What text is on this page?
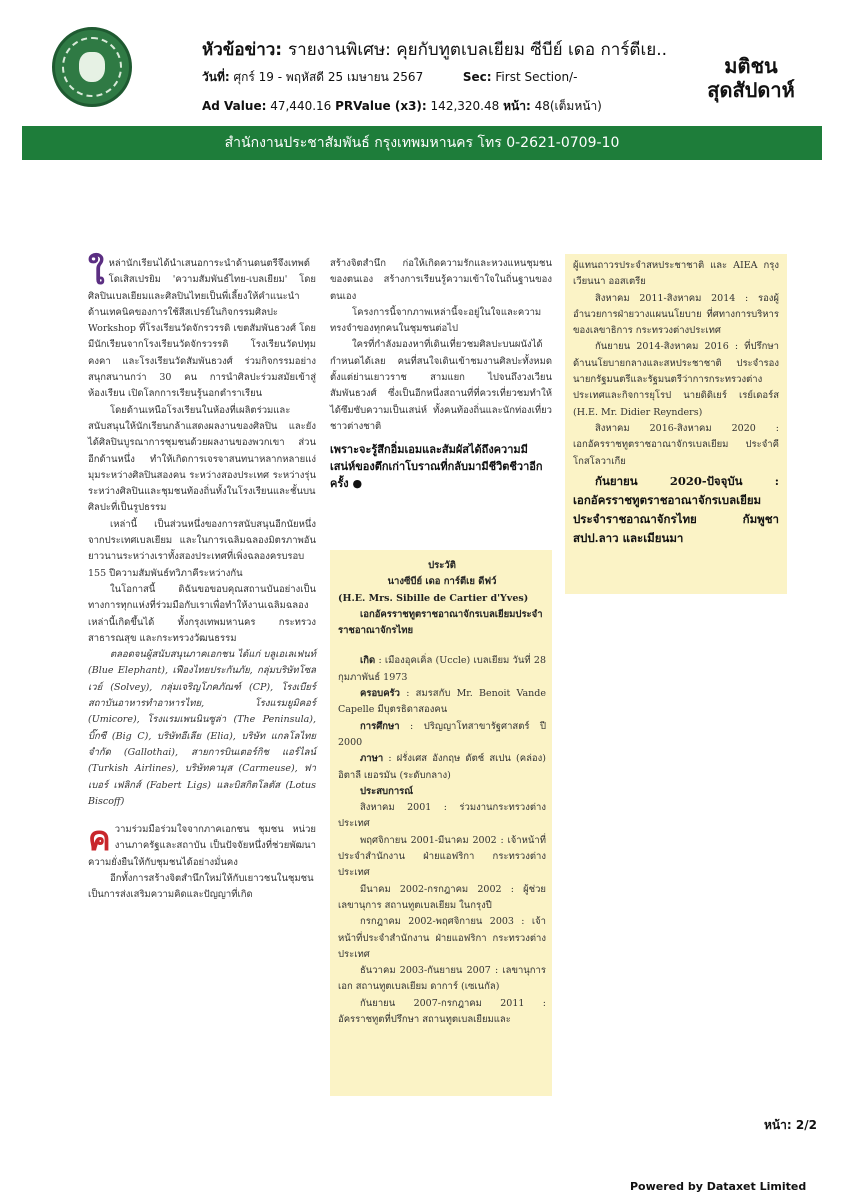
หัวข้อข่าว: รายงานพิเศษ: คุยกับทูตเบลเยียม ซีบีย์ เดอ การ์ตีเย..
วันที่: ศุกร์ 19 - พฤหัสดี 25 เมษายน 2567	Sec: First Section/-
Ad Value: 47,440.16 PRValue (x3): 142,320.48 หน้า: 48(เต็มหน้า)
มติชน
สุดสัปดาห์
สำนักงานประชาสัมพันธ์ กรุงเทพมหานคร โทร 0-2621-0709-10

ใหล่านักเรียนได้นำเสนอการะนำด้านดนตรีจึงเทพต์โดเสิสเปรยิม 'ความสัมพันธ์ไทย-เบลเยียม' โดยศิลปินเบลเยียมและศิลปินไทยเป็นพี่เลี้ยงให้คำแนะนำด้านเทคนิคของการใช้สีสเปรย์ในกิจกรรมศิลปะ Workshop ที่โรงเรียนวัดจักรวรรดิ เขตสัมพันธวงศ์ โดยมีนักเรียนจากโรงเรียนวัดจักรวรรดิ โรงเรียนวัดปทุมคงคา และโรงเรียนวัดสัมพันธวงศ์ ร่วมกิจกรรมอย่างสนุกสนานกว่า 30 คน การนำศิลปะร่วมสมัยเข้าสู่ห้องเรียน เปิดโลกการเรียนรู้นอกตำราเรียน

โดยด้านเหนือโรงเรียนในห้องที่เผลิตร่วมและสนับสนุนให้นักเรียนกล้าแสดงผลงานของศิลปิน และยังได้ศิลปินบูรณาการชุมชนด้วยผลงานของพวกเขา ส่วนอีกด้านหนึ่ง ทำให้เกิดการเจรจาสนทนาหลากหลายแง่มุมระหว่างศิลปินสองคน ระหว่างสองประเทศ ระหว่างรุ่น ระหว่างศิลปินและชุมชนท้องถิ่นทั้งในโรงเรียนและชั้นบนศิลปะที่เป็นรูปธรรม

เหล่านี้ เป็นส่วนหนึ่งของการสนับสนุนอีกนัยหนึ่ง จากประเทศเบลเยียม และในการเฉลิมฉลองมิตรภาพอันยาวนานระหว่างเราทั้งสองประเทศที่เพิ่งฉลองครบรอบ 155 ปีความสัมพันธ์ทวิภาคีระหว่างกัน

ในโอกาสนี้ ดิฉันขอขอบคุณสถานบันอย่างเป็นทางการทุกแห่งที่ร่วมมือกับเราเพื่อทำให้งานเฉลิมฉลองเหล่านี้เกิดขึ้นได้ ทั้งกรุงเทพมหานคร กระทรวงสาธารณสุข และกระทรวงวัฒนธรรม

ตลอดจนผู้สนับสนุนภาคเอกชน ได้แก่ บลูเอเลเฟนท์ (Blue Elephant), เฟืองไทยประกันภัย, กลุ่มบริษัทโซลเวย์ (Solvey), กลุ่มเจริญโภคภัณฑ์ (CP), โรงเบียร์ สถาบันอาหารทำอาหารไทย, โรงแรมยูมิคอร์ (Umicore), โรงแรมเพนนินซูล่า (The Peninsula), บิ๊กซี (Big C), บริษัทอีเลีย (Elia), บริษัท แกลโลไทย จำกัด (Gallothai), สายการบินเตอร์กิช แอร์ไลน์ (Turkish Airlines), บริษัทคามุส (Carmeuse), ฟาเบอร์ เฟลิกส์ (Fabert Ligs) และบิสกิตโลตัส (Lotus Biscoff)

ความร่วมมือร่วมใจจากภาคเอกชน ชุมชน หน่วยงานภาครัฐและสถาบัน เป็นปัจจัยหนึ่งที่ช่วยพัฒนาความยั่งยืนให้กับชุมชนได้อย่างมั่นคง

อีกทั้งการสร้างจิตสำนึกใหม่ให้กับเยาวชนในชุมชนเป็นการส่งเสริมความคิดและปัญญาที่เกิด

สร้างจิตสำนึก ก่อให้เกิดความรักและหวงแหนชุมชนของตนเอง สร้างการเรียนรู้ความเข้าใจในถิ่นฐานของตนเอง

โครงการนี้จากภาพเหล่านี้จะอยู่ในใจและความทรงจำของทุกคนในชุมชนต่อไป

ใครที่กำลังมองหาที่เดินเที่ยวชมศิลปะบนผนังได้กำหนดได้เลย คนที่สนใจเดินเข้าชมงานศิลปะทั้งหมด ตั้งแต่ย่านเยาวราช สามแยก ไปจนถึงวงเวียนสัมพันธวงศ์ ซึ่งเป็นอีกหนึ่งสถานที่ที่ควรเที่ยวชมทำให้ได้ซึมซับความเป็นเสน่ห์ ทั้งคนท้องถิ่นและนักท่องเที่ยวชาวต่างชาติ

เพราะจะรู้สึกอิ่มเอมและสัมผัสได้ถึงความมีเสน่ห์ของตึกเก่าโบราณที่กลับมามีชีวิตชีวาอีกครั้ง ●

ประวัติ

นางซีบีย์ เดอ การ์ตีเย ดีฟว์

(H.E. Mrs. Sibille de Cartier d'Yves)

เอกอัครราชทูตราชอาณาจักรเบลเยียมประจำราชอาณาจักรไทย

เกิด : เมืองอุคเคิ่ล (Uccle) เบลเยียม วันที่ 28 กุมภาพันธ์ 1973

ครอบครัว : สมรสกับ Mr. Benoit Vande Capelle มีบุตรธิดาสองคน

การศึกษา : ปริญญาโทสาขารัฐศาสตร์ ปี 2000

ภาษา : ฝรั่งเศส อังกฤษ ดัตช์ สเปน (คล่อง) อิตาลี เยอรมัน (ระดับกลาง)

ประสบการณ์

สิงหาคม 2001 : ร่วมงานกระทรวงต่างประเทศ

พฤศจิกายน 2001-มีนาคม 2002 : เจ้าหน้าที่ประจำสำนักงาน ฝ่ายแอฟริกา กระทรวงต่างประเทศ

มีนาคม 2002-กรกฎาคม 2002 : ผู้ช่วยเลขานุการ สถานทูตเบลเยียม ในกรุงปี

กรกฎาคม 2002-พฤศจิกายน 2003 : เจ้าหน้าที่ประจำสำนักงาน ฝ่ายแอฟริกา กระทรวงต่างประเทศ

ธันวาคม 2003-กันยายน 2007 : เลขานุการเอก สถานทูตเบลเยียม ดาการ์ (เซเนกัล)

กันยายน 2007-กรกฎาคม 2011 : อัครราชทูตที่ปรึกษา สถานทูตเบลเยียมและ

ผู้แทนถาวรประจำสหประชาชาติ และ AIEA กรุงเวียนนา ออสเตรีย

สิงหาคม 2011-สิงหาคม 2014 : รองผู้อำนวยการฝ่ายวางแผนนโยบาย ที่ศทางการบริหารของเลขาธิการ กระทรวงต่างประเทศ

กันยายน 2014-สิงหาคม 2016 : ที่ปรึกษาด้านนโยบายกลางและสหประชาชาติ ประจำรองนายกรัฐมนตรีและรัฐมนตรีว่าการกระทรวงต่างประเทศและกิจการยุโรป นายดิดิเยร์ เรย์เดอร์ส (H.E. Mr. Didier Reynders)

สิงหาคม 2016-สิงหาคม 2020 : เอกอัครราชทูตราชอาณาจักรเบลเยียม ประจำคีโกสโลวาเกีย

กันยายน 2020-ปัจจุบัน : เอกอัครราชทูตราชอาณาจักรเบลเยียมประจำราชอาณาจักรไทย กัมพูชา สปป.ลาว และเมียนมา

หน้า: 2/2
Powered by Dataxet Limited
